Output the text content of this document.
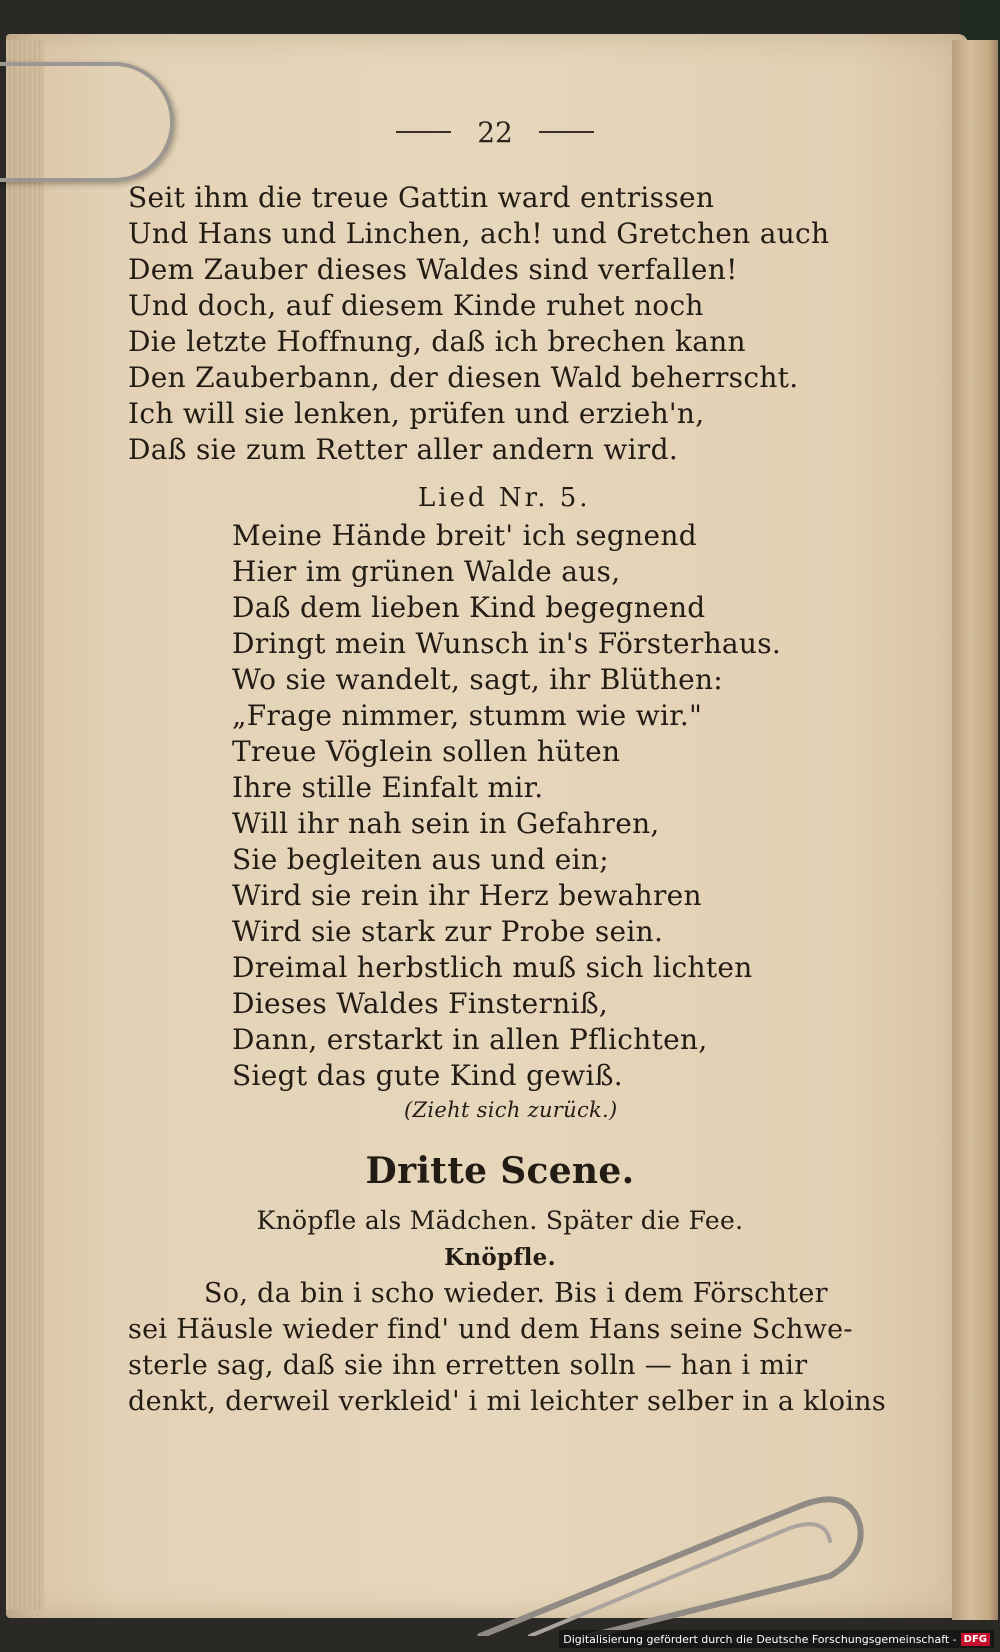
22
Seit ihm die treue Gattin ward entrissen
Und Hans und Linchen, ach! und Gretchen auch
Dem Zauber dieses Waldes sind verfallen!
Und doch, auf diesem Kinde ruhet noch
Die letzte Hoffnung, daß ich brechen kann
Den Zauberbann, der diesen Wald beherrscht.
Ich will sie lenken, prüfen und erzieh'n,
Daß sie zum Retter aller andern wird.
Lied Nr. 5.
Meine Hände breit' ich segnend
Hier im grünen Walde aus,
Daß dem lieben Kind begegnend
Dringt mein Wunsch in's Försterhaus.
Wo sie wandelt, sagt, ihr Blüthen:
„Frage nimmer, stumm wie wir."
Treue Vöglein sollen hüten
Ihre stille Einfalt mir.
Will ihr nah sein in Gefahren,
Sie begleiten aus und ein;
Wird sie rein ihr Herz bewahren
Wird sie stark zur Probe sein.
Dreimal herbstlich muß sich lichten
Dieses Waldes Finsterniß,
Dann, erstarkt in allen Pflichten,
Siegt das gute Kind gewiß.
(Zieht sich zurück.)
Dritte Scene.
Knöpfle als Mädchen. Später die Fee.
Knöpfle.
So, da bin i scho wieder. Bis i dem Förschter
sei Häusle wieder find' und dem Hans seine Schwe-
sterle sag, daß sie ihn erretten solln — han i mir
denkt, derweil verkleid' i mi leichter selber in a kloins
Digitalisierung gefördert durch die Deutsche Forschungsgemeinschaft - DFG
